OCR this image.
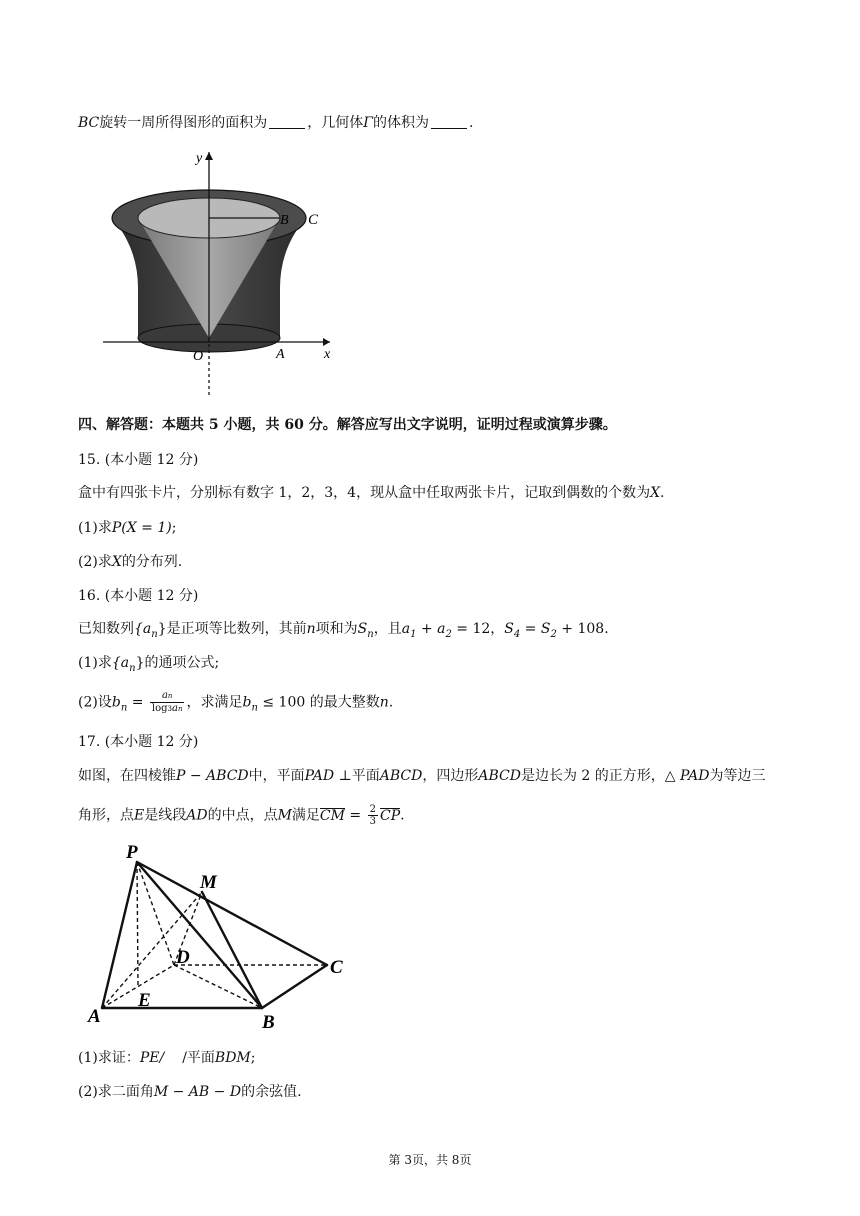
BC旋转一周所得图形的面积为	，几何体Γ的体积为	.
y
x
O	A
B C
四、解答题：本题共 5 小题，共 60 分。解答应写出文字说明，证明过程或演算步骤。
15. (本小题 12 分)
盒中有四张卡片，分别标有数字 1，2，3，4，现从盒中任取两张卡片，记取到偶数的个数为X.
(1)求P(X = 1);
(2)求X的分布列.
16. (本小题 12 分)
已知数列$\{a_n\}$是正项等比数列，其前n项和为$S_n$，且$a_1 + a_2 = 12$，$S_4 = S_2 + 108$.
(1)求$\{a_n\}$的通项公式;
(2)设$b_n = \frac{an}{\log 3an}$ ，求满足$b_n \le 100$ 的最大整数n.
17. (本小题 12 分)
如图，在四棱锥P − ABCD中，平面PAD ⊥平面ABCD，四边形ABCD是边长为 2 的正方形，△ PAD为等边三
角形，点E是线段AD的中点，点M满足CM = $\frac{2}{3}$ CP.
P
M
D	C
A
E
B
(1)求证：PE/ /平面BDM;
(2)求二面角M − AB − D的余弦值.
第 3页，共 8页
